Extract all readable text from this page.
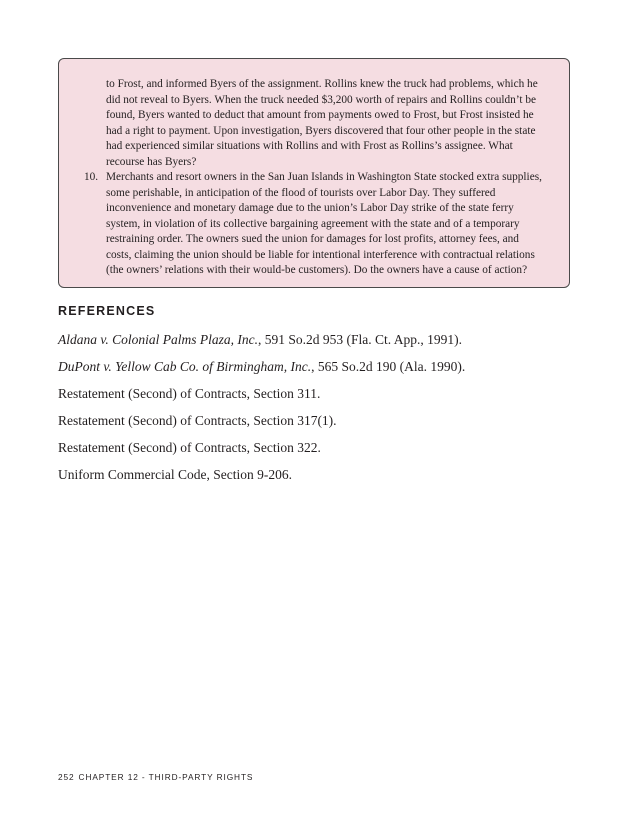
to Frost, and informed Byers of the assignment. Rollins knew the truck had problems, which he did not reveal to Byers. When the truck needed $3,200 worth of repairs and Rollins couldn’t be found, Byers wanted to deduct that amount from payments owed to Frost, but Frost insisted he had a right to payment. Upon investigation, Byers discovered that four other people in the state had experienced similar situations with Rollins and with Frost as Rollins’s assignee. What recourse has Byers?

10. Merchants and resort owners in the San Juan Islands in Washington State stocked extra supplies, some perishable, in anticipation of the flood of tourists over Labor Day. They suffered inconvenience and monetary damage due to the union’s Labor Day strike of the state ferry system, in violation of its collective bargaining agreement with the state and of a temporary restraining order. The owners sued the union for damages for lost profits, attorney fees, and costs, claiming the union should be liable for intentional interference with contractual relations (the owners’ relations with their would-be customers). Do the owners have a cause of action?

REFERENCES

Aldana v. Colonial Palms Plaza, Inc., 591 So.2d 953 (Fla. Ct. App., 1991).

DuPont v. Yellow Cab Co. of Birmingham, Inc., 565 So.2d 190 (Ala. 1990).

Restatement (Second) of Contracts, Section 311.

Restatement (Second) of Contracts, Section 317(1).

Restatement (Second) of Contracts, Section 322.

Uniform Commercial Code, Section 9-206.

252 CHAPTER 12 - THIRD-PARTY RIGHTS
